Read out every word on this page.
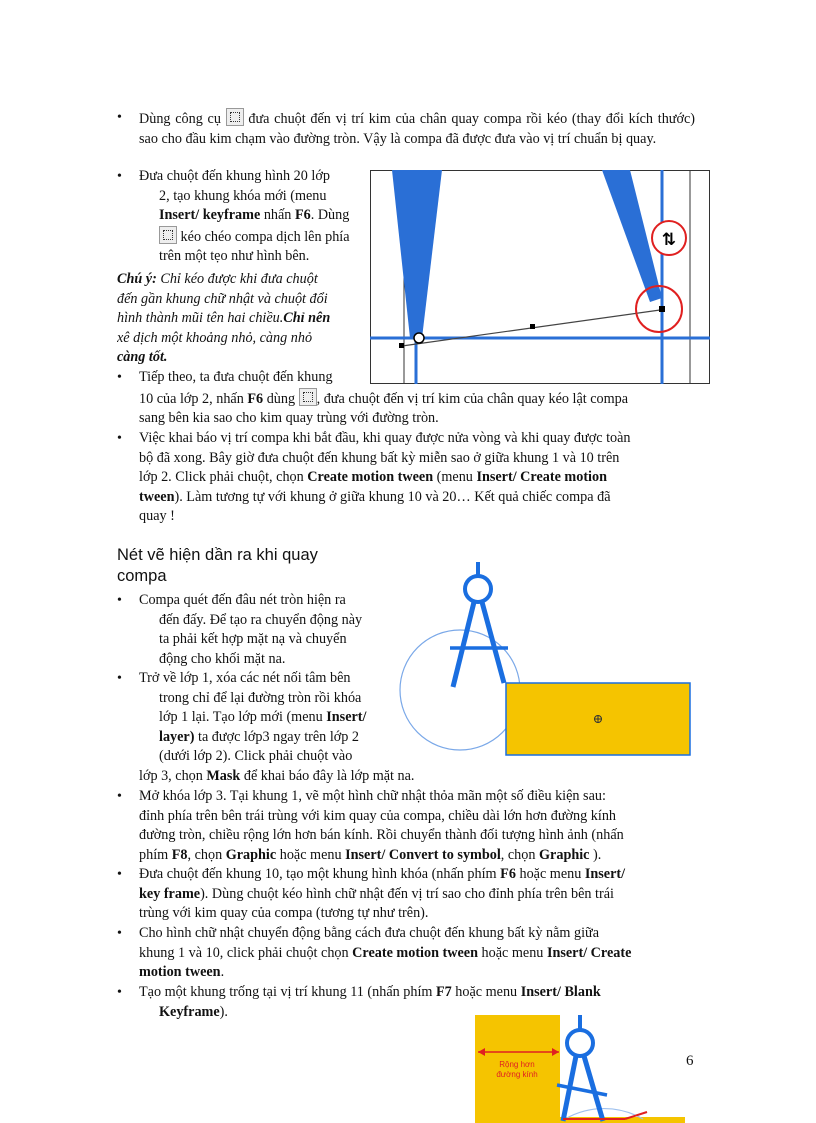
• Dùng công cụ đưa chuột đến vị trí kim của chân quay compa rồi kéo (thay đổi kích thước) sao cho đầu kim chạm vào đường tròn. Vậy là compa đã được đưa vào vị trí chuẩn bị quay.
• Đưa chuột đến khung hình 20 lớp
2, tạo khung khóa mới (menu
Insert/ keyframe nhấn F6. Dùng
kéo chéo compa dịch lên phía
trên một tẹo như hình bên.
Chú ý: Chỉ kéo được khi đưa chuột
đến gần khung chữ nhật và chuột đổi
hình thành mũi tên hai chiều.Chỉ nên
xê dịch một khoảng nhỏ, càng nhỏ
càng tốt.
⇅
• Tiếp theo, ta đưa chuột đến khung
10 của lớp 2, nhấn F6 dùng , đưa chuột đến vị trí kim của chân quay kéo lật compa
sang bên kia sao cho kim quay trùng với đường tròn.
• Việc khai báo vị trí compa khi bắt đầu, khi quay được nửa vòng và khi quay được toàn
bộ đã xong. Bây giờ đưa chuột đến khung bất kỳ miễn sao ở giữa khung 1 và 10 trên
lớp 2. Click phải chuột, chọn Create motion tween (menu Insert/ Create motion
tween). Làm tương tự với khung ở giữa khung 10 và 20… Kết quả chiếc compa đã
quay !
Nét vẽ hiện dần ra khi quay
compa
• Compa quét đến đâu nét tròn hiện ra
đến đấy. Để tạo ra chuyển động này
ta phải kết hợp mặt nạ và chuyển
động cho khối mặt na.
• Trở về lớp 1, xóa các nét nối tâm bên
trong chỉ để lại đường tròn rồi khóa
lớp 1 lại. Tạo lớp mới (menu Insert/
layer) ta được lớp3 ngay trên lớp 2
(dưới lớp 2). Click phải chuột vào
lớp 3, chọn Mask để khai báo đây là lớp mặt na.
• Mở khóa lớp 3. Tại khung 1, vẽ một hình chữ nhật thỏa mãn một số điều kiện sau:
đỉnh phía trên bên trái trùng với kim quay của compa, chiều dài lớn hơn đường kính
đường tròn, chiều rộng lớn hơn bán kính. Rồi chuyển thành đối tượng hình ảnh (nhấn
phím F8, chọn Graphic hoặc menu Insert/ Convert to symbol, chọn Graphic ).
• Đưa chuột đến khung 10, tạo một khung hình khóa (nhấn phím F6 hoặc menu Insert/
key frame). Dùng chuột kéo hình chữ nhật đến vị trí sao cho đỉnh phía trên bên trái
trùng với kim quay của compa (tương tự như trên).
• Cho hình chữ nhật chuyển động bằng cách đưa chuột đến khung bất kỳ nằm giữa
khung 1 và 10, click phải chuột chọn Create motion tween hoặc menu Insert/ Create
motion tween.
• Tạo một khung trống tại vị trí khung 11 (nhấn phím F7 hoặc menu Insert/ Blank
Keyframe).
Rộng hơn
đường kính
6
